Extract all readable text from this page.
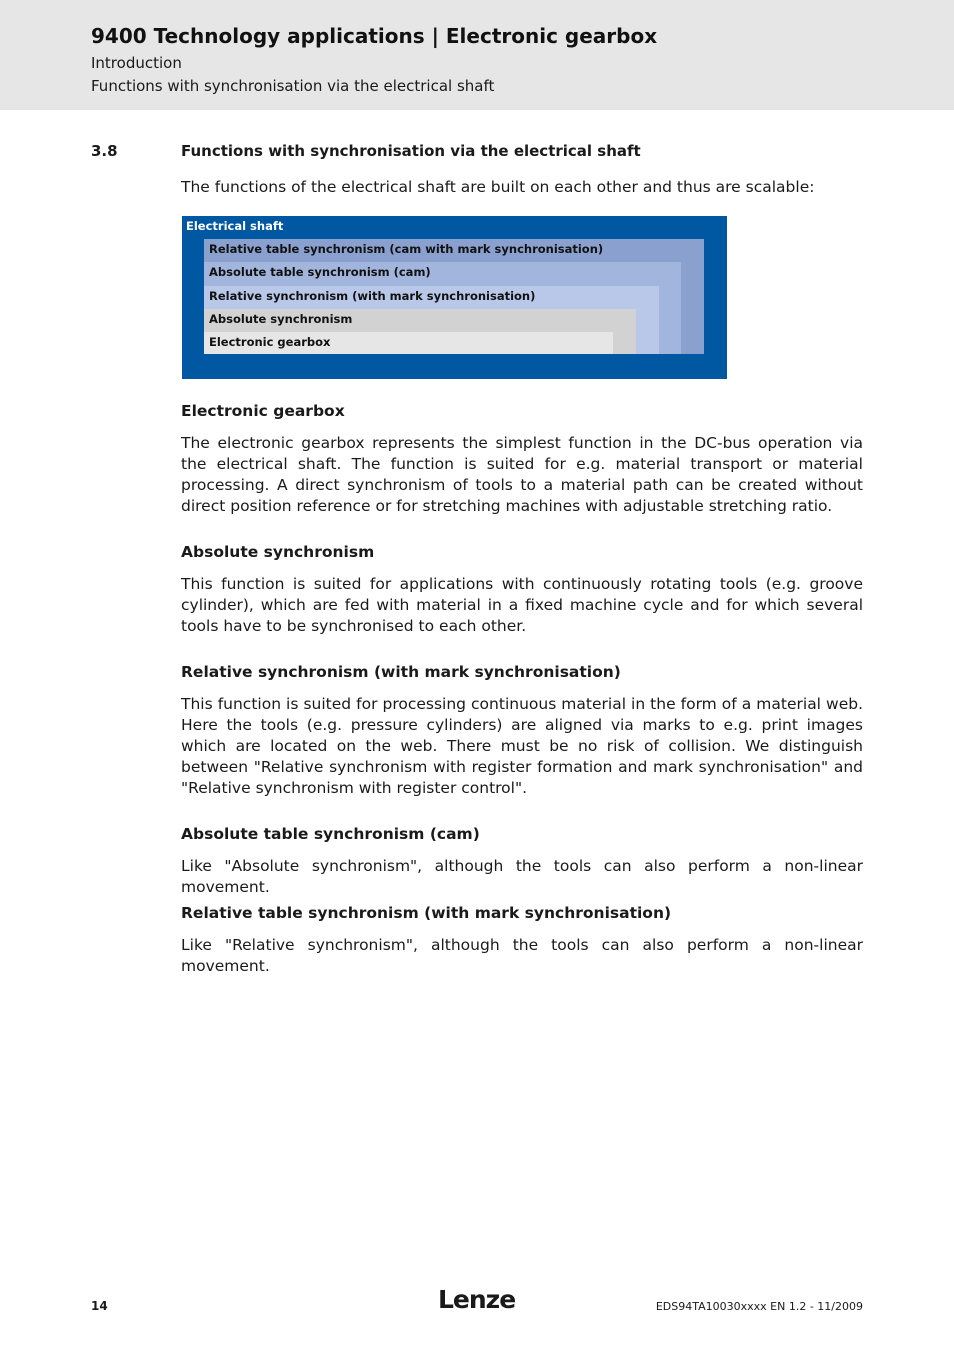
9400 Technology applications | Electronic gearbox
Introduction
Functions with synchronisation via the electrical shaft
3.8	Functions with synchronisation via the electrical shaft
The functions of the electrical shaft are built on each other and thus are scalable:
Electrical shaft
Relative table synchronism (cam with mark synchronisation)
Absolute table synchronism (cam)
Relative synchronism (with mark synchronisation)
Absolute synchronism
Electronic gearbox
Electronic gearbox

The electronic gearbox represents the simplest function in the DC-bus operation via the electrical shaft. The function is suited for e.g. material transport or material processing. A direct synchronism of tools to a material path can be created without direct position reference or for stretching machines with adjustable stretching ratio.

Absolute synchronism

This function is suited for applications with continuously rotating tools (e.g. groove cylinder), which are fed with material in a fixed machine cycle and for which several tools have to be synchronised to each other.

Relative synchronism (with mark synchronisation)

This function is suited for processing continuous material in the form of a material web. Here the tools (e.g. pressure cylinders) are aligned via marks to e.g. print images which are located on the web. There must be no risk of collision. We distinguish between "Relative synchronism with register formation and mark synchronisation" and "Relative synchronism with register control".

Absolute table synchronism (cam)

Like "Absolute synchronism", although the tools can also perform a non-linear movement.

Relative table synchronism (with mark synchronisation)

Like "Relative synchronism", although the tools can also perform a non-linear movement.

14	Lenze	EDS94TA10030xxxx EN 1.2 - 11/2009
